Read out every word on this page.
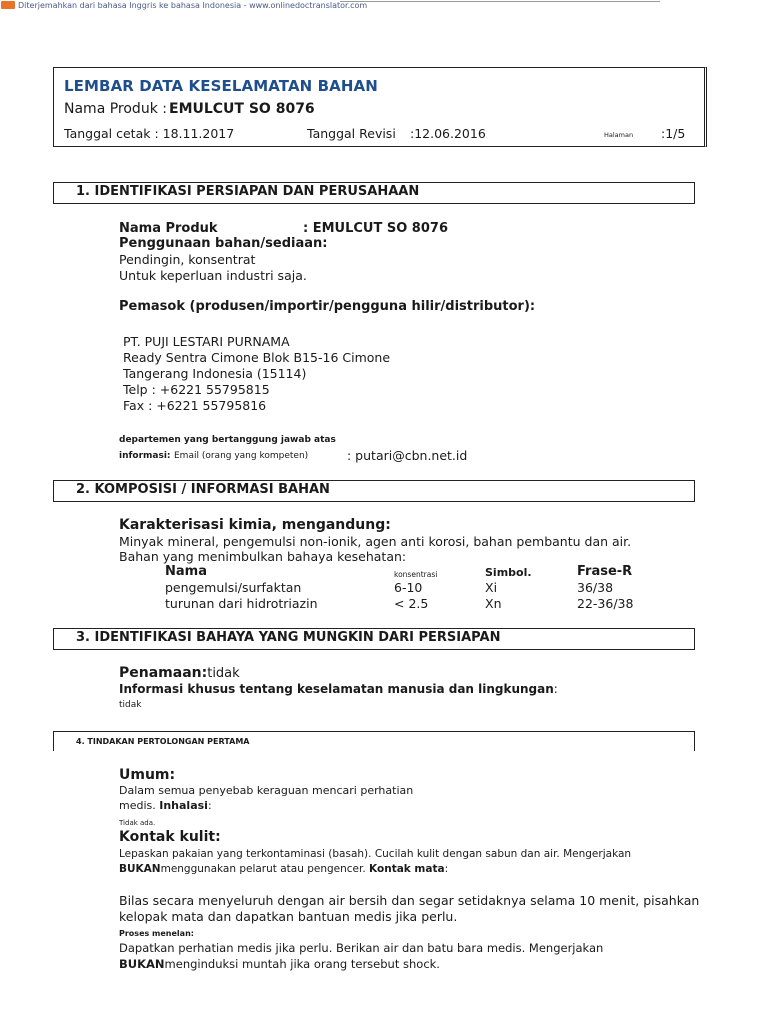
Diterjemahkan dari bahasa Inggris ke bahasa Indonesia - www.onlinedoctranslator.com
LEMBAR DATA KESELAMATAN BAHAN
Nama Produk : EMULCUT SO 8076
Tanggal cetak : 18.11.2017	Tanggal Revisi :12.06.2016	Halaman :1/5
1. IDENTIFIKASI PERSIAPAN DAN PERUSAHAAN
Nama Produk	: EMULCUT SO 8076
Penggunaan bahan/sediaan:
Pendingin, konsentrat
Untuk keperluan industri saja.
Pemasok (produsen/importir/pengguna hilir/distributor):
PT. PUJI LESTARI PURNAMA
Ready Sentra Cimone Blok B15-16 Cimone
Tangerang Indonesia (15114)
Telp : +6221 55795815
Fax : +6221 55795816
departemen yang bertanggung jawab atas
informasi: Email (orang yang kompeten)	: putari@cbn.net.id
2. KOMPOSISI / INFORMASI BAHAN
Karakterisasi kimia, mengandung:
Minyak mineral, pengemulsi non-ionik, agen anti korosi, bahan pembantu dan air.
Bahan yang menimbulkan bahaya kesehatan:
Nama	konsentrasi	Simbol.	Frase-R
pengemulsi/surfaktan	6-10	Xi	36/38
turunan dari hidrotriazin	< 2.5	Xn	22-36/38
3. IDENTIFIKASI BAHAYA YANG MUNGKIN DARI PERSIAPAN
Penamaan:tidak
Informasi khusus tentang keselamatan manusia dan lingkungan:
tidak
4. TINDAKAN PERTOLONGAN PERTAMA
Umum:
Dalam semua penyebab keraguan mencari perhatian
medis. Inhalasi:
Tidak ada.
Kontak kulit:
Lepaskan pakaian yang terkontaminasi (basah). Cucilah kulit dengan sabun dan air. Mengerjakan
BUKANmenggunakan pelarut atau pengencer. Kontak mata:
Bilas secara menyeluruh dengan air bersih dan segar setidaknya selama 10 menit, pisahkan
kelopak mata dan dapatkan bantuan medis jika perlu.
Proses menelan:
Dapatkan perhatian medis jika perlu. Berikan air dan batu bara medis. Mengerjakan
BUKANmenginduksi muntah jika orang tersebut shock.
